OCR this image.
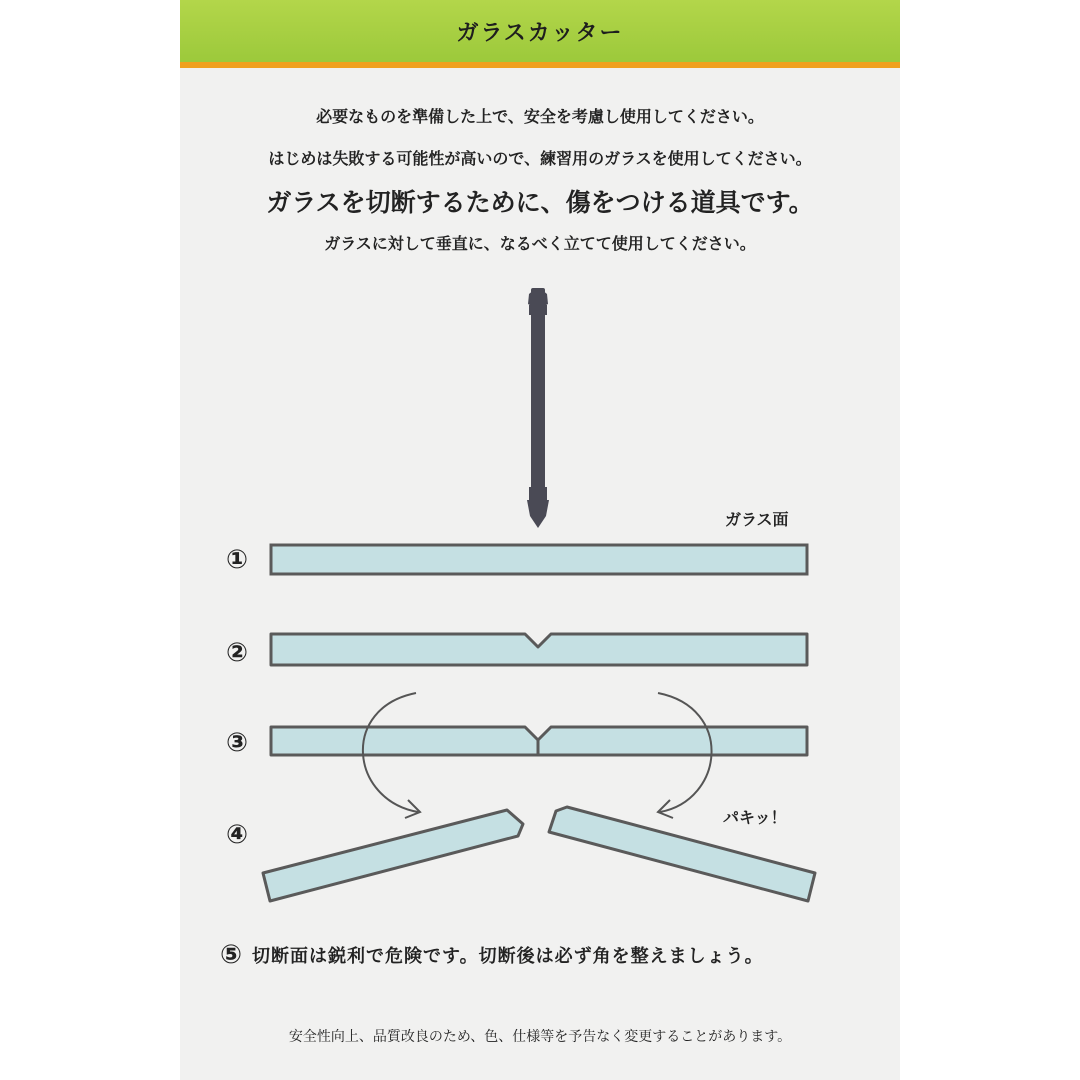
ガラスカッター
必要なものを準備した上で、安全を考慮し使用してください。
はじめは失敗する可能性が高いので、練習用のガラスを使用してください。
ガラスを切断するために、傷をつける道具です。
ガラスに対して垂直に、なるべく立てて使用してください。
ガラス面
パキッ！
①
②
③
④
⑤ 切断面は鋭利で危険です。切断後は必ず角を整えましょう。
安全性向上、品質改良のため、色、仕様等を予告なく変更することがあります。
